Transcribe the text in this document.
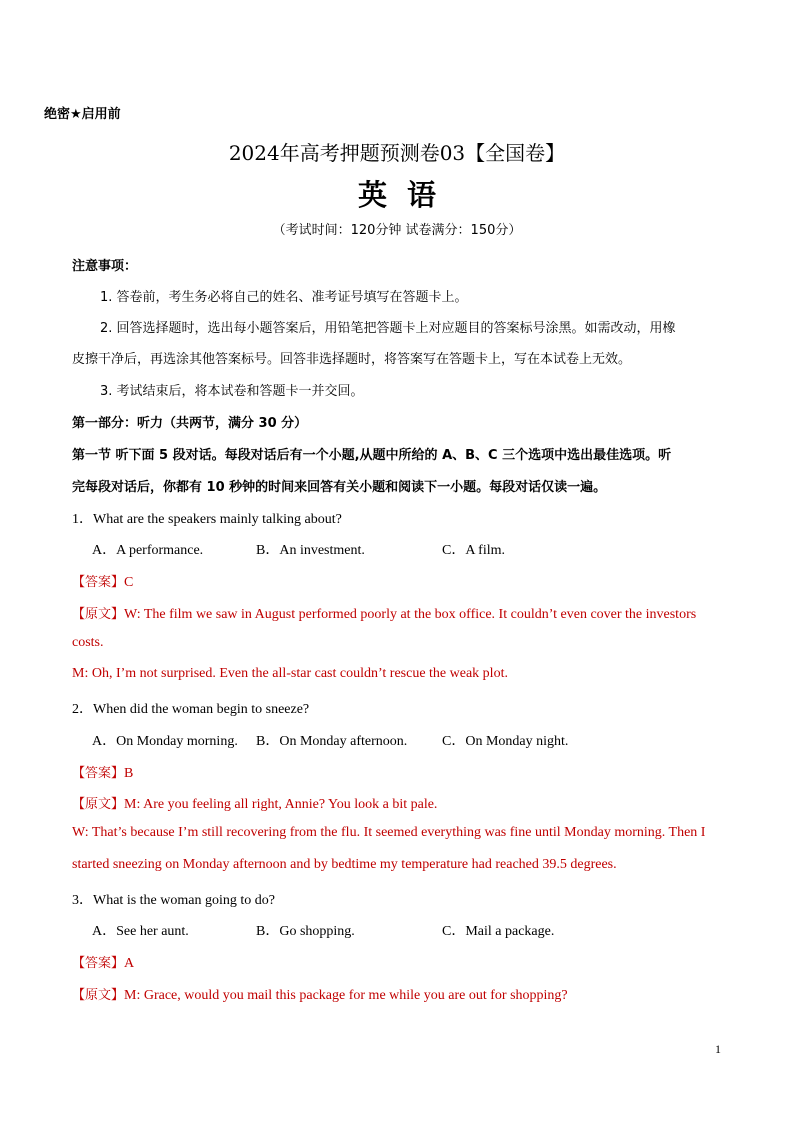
绝密★启用前
2024年高考押题预测卷03【全国卷】
英语
（考试时间：120分钟 试卷满分：150分）
注意事项：
1. 答卷前，考生务必将自己的姓名、准考证号填写在答题卡上。
2. 回答选择题时，选出每小题答案后，用铅笔把答题卡上对应题目的答案标号涂黑。如需改动，用橡
皮擦干净后，再选涂其他答案标号。回答非选择题时，将答案写在答题卡上，写在本试卷上无效。
3. 考试结束后，将本试卷和答题卡一并交回。
第一部分：听力（共两节，满分 30 分）
第一节 听下面 5 段对话。每段对话后有一个小题,从题中所给的 A、B、C 三个选项中选出最佳选项。听
完每段对话后，你都有 10 秒钟的时间来回答有关小题和阅读下一小题。每段对话仅读一遍。
1．What are the speakers mainly talking about?
A．A performance.	B．An investment.	C．A film.
【答案】C
【原文】W: The film we saw in August performed poorly at the box office. It couldn’t even cover the investors
costs.
M: Oh, I’m not surprised. Even the all-star cast couldn’t rescue the weak plot.
2．When did the woman begin to sneeze?
A．On Monday morning. B．On Monday afternoon. C．On Monday night.
【答案】B
【原文】M: Are you feeling all right, Annie? You look a bit pale.
W: That’s because I’m still recovering from the flu. It seemed everything was fine until Monday morning. Then I
started sneezing on Monday afternoon and by bedtime my temperature had reached 39.5 degrees.
3．What is the woman going to do?
A．See her aunt.	B．Go shopping.	C．Mail a package.
【答案】A
【原文】M: Grace, would you mail this package for me while you are out for shopping?
1
